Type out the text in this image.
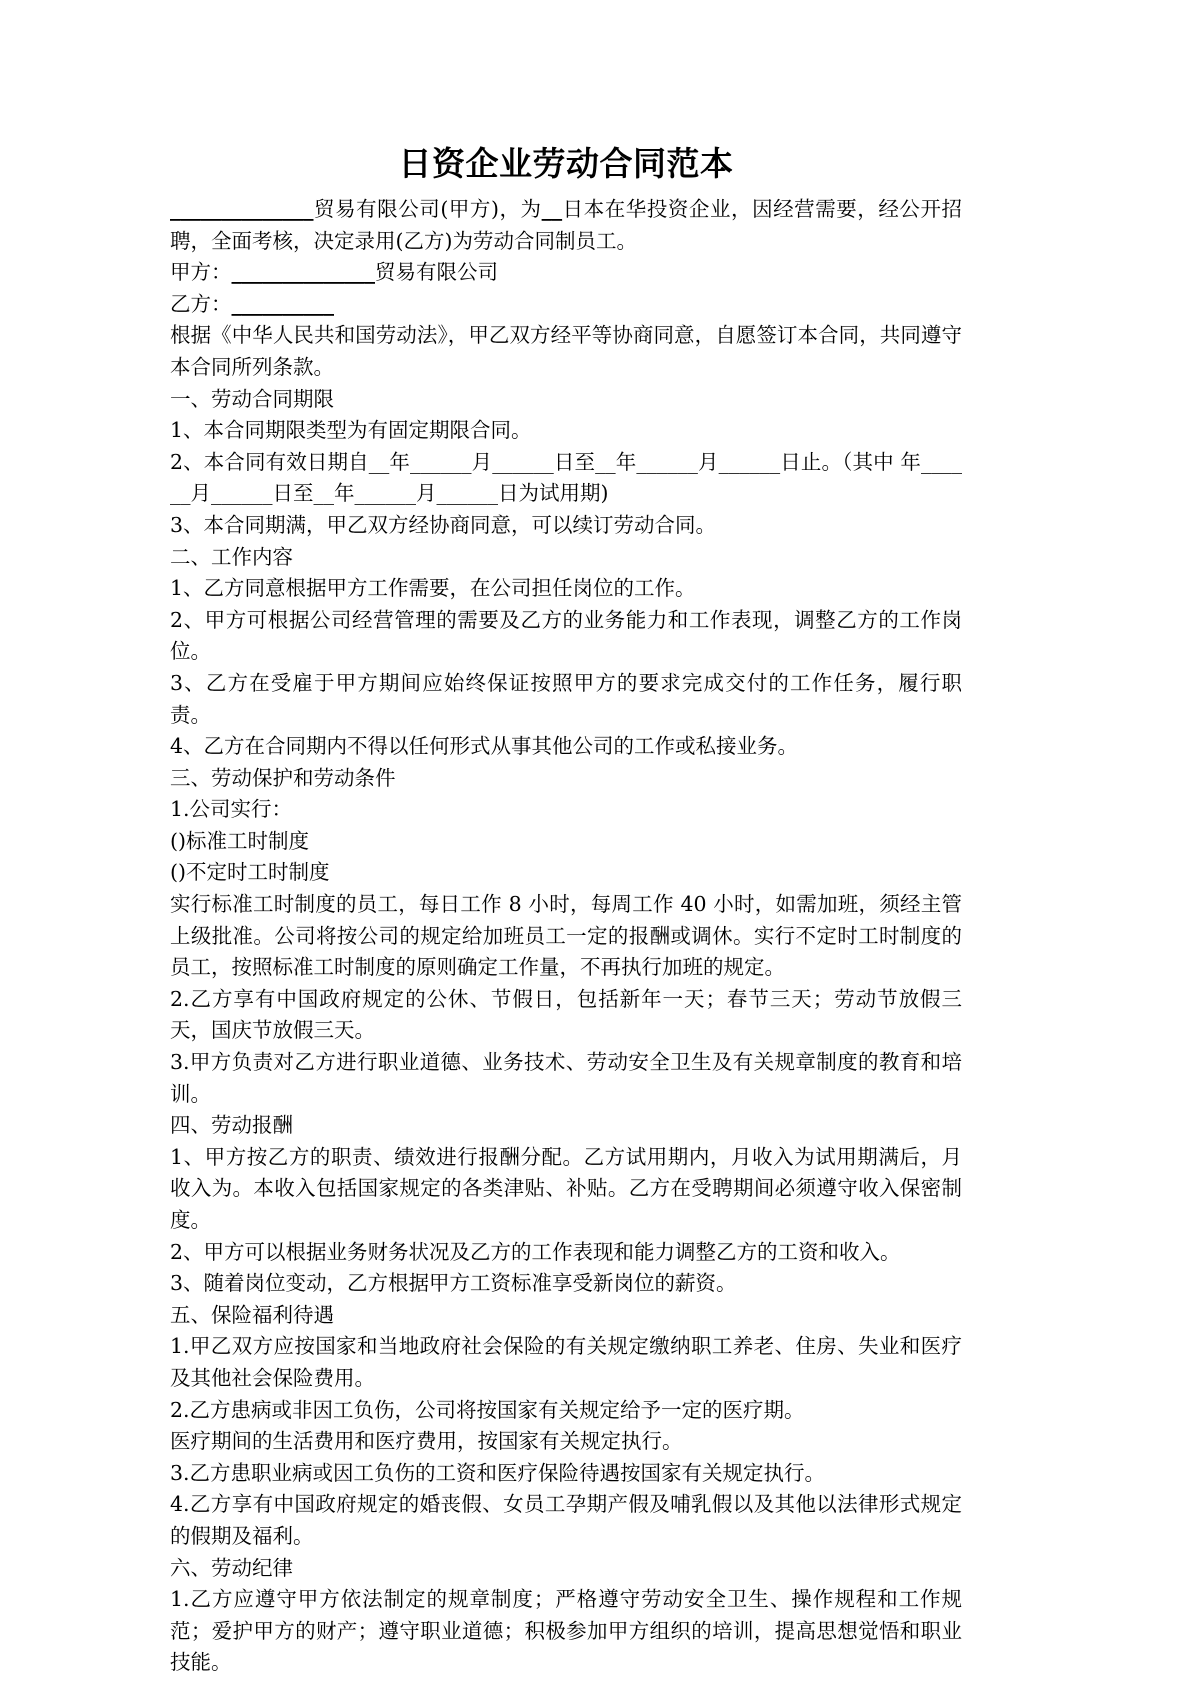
日资企业劳动合同范本

______________贸易有限公司(甲方)，为__日本在华投资企业，因经营需要，经公开招聘，全面考核，决定录用(乙方)为劳动合同制员工。

甲方：______________贸易有限公司

乙方：__________

根据《中华人民共和国劳动法》，甲乙双方经平等协商同意，自愿签订本合同，共同遵守本合同所列条款。

一、劳动合同期限

1、本合同期限类型为有固定期限合同。

2、本合同有效日期自__年______月______日至__年______月______日止。（其中 年______月______日至__年______月______日为试用期)

3、本合同期满，甲乙双方经协商同意，可以续订劳动合同。

二、工作内容

1、乙方同意根据甲方工作需要，在公司担任岗位的工作。

2、甲方可根据公司经营管理的需要及乙方的业务能力和工作表现，调整乙方的工作岗位。

3、乙方在受雇于甲方期间应始终保证按照甲方的要求完成交付的工作任务，履行职责。

4、乙方在合同期内不得以任何形式从事其他公司的工作或私接业务。

三、劳动保护和劳动条件

1.公司实行：

()标准工时制度

()不定时工时制度

实行标准工时制度的员工，每日工作 8 小时，每周工作 40 小时，如需加班，须经主管上级批准。公司将按公司的规定给加班员工一定的报酬或调休。实行不定时工时制度的员工，按照标准工时制度的原则确定工作量，不再执行加班的规定。

2.乙方享有中国政府规定的公休、节假日，包括新年一天；春节三天；劳动节放假三天，国庆节放假三天。

3.甲方负责对乙方进行职业道德、业务技术、劳动安全卫生及有关规章制度的教育和培训。

四、劳动报酬

1、甲方按乙方的职责、绩效进行报酬分配。乙方试用期内，月收入为试用期满后，月收入为。本收入包括国家规定的各类津贴、补贴。乙方在受聘期间必须遵守收入保密制度。

2、甲方可以根据业务财务状况及乙方的工作表现和能力调整乙方的工资和收入。

3、随着岗位变动，乙方根据甲方工资标准享受新岗位的薪资。

五、保险福利待遇

1.甲乙双方应按国家和当地政府社会保险的有关规定缴纳职工养老、住房、失业和医疗及其他社会保险费用。

2.乙方患病或非因工负伤，公司将按国家有关规定给予一定的医疗期。

医疗期间的生活费用和医疗费用，按国家有关规定执行。

3.乙方患职业病或因工负伤的工资和医疗保险待遇按国家有关规定执行。

4.乙方享有中国政府规定的婚丧假、女员工孕期产假及哺乳假以及其他以法律形式规定的假期及福利。

六、劳动纪律

1.乙方应遵守甲方依法制定的规章制度；严格遵守劳动安全卫生、操作规程和工作规范；爱护甲方的财产；遵守职业道德；积极参加甲方组织的培训，提高思想觉悟和职业技能。
